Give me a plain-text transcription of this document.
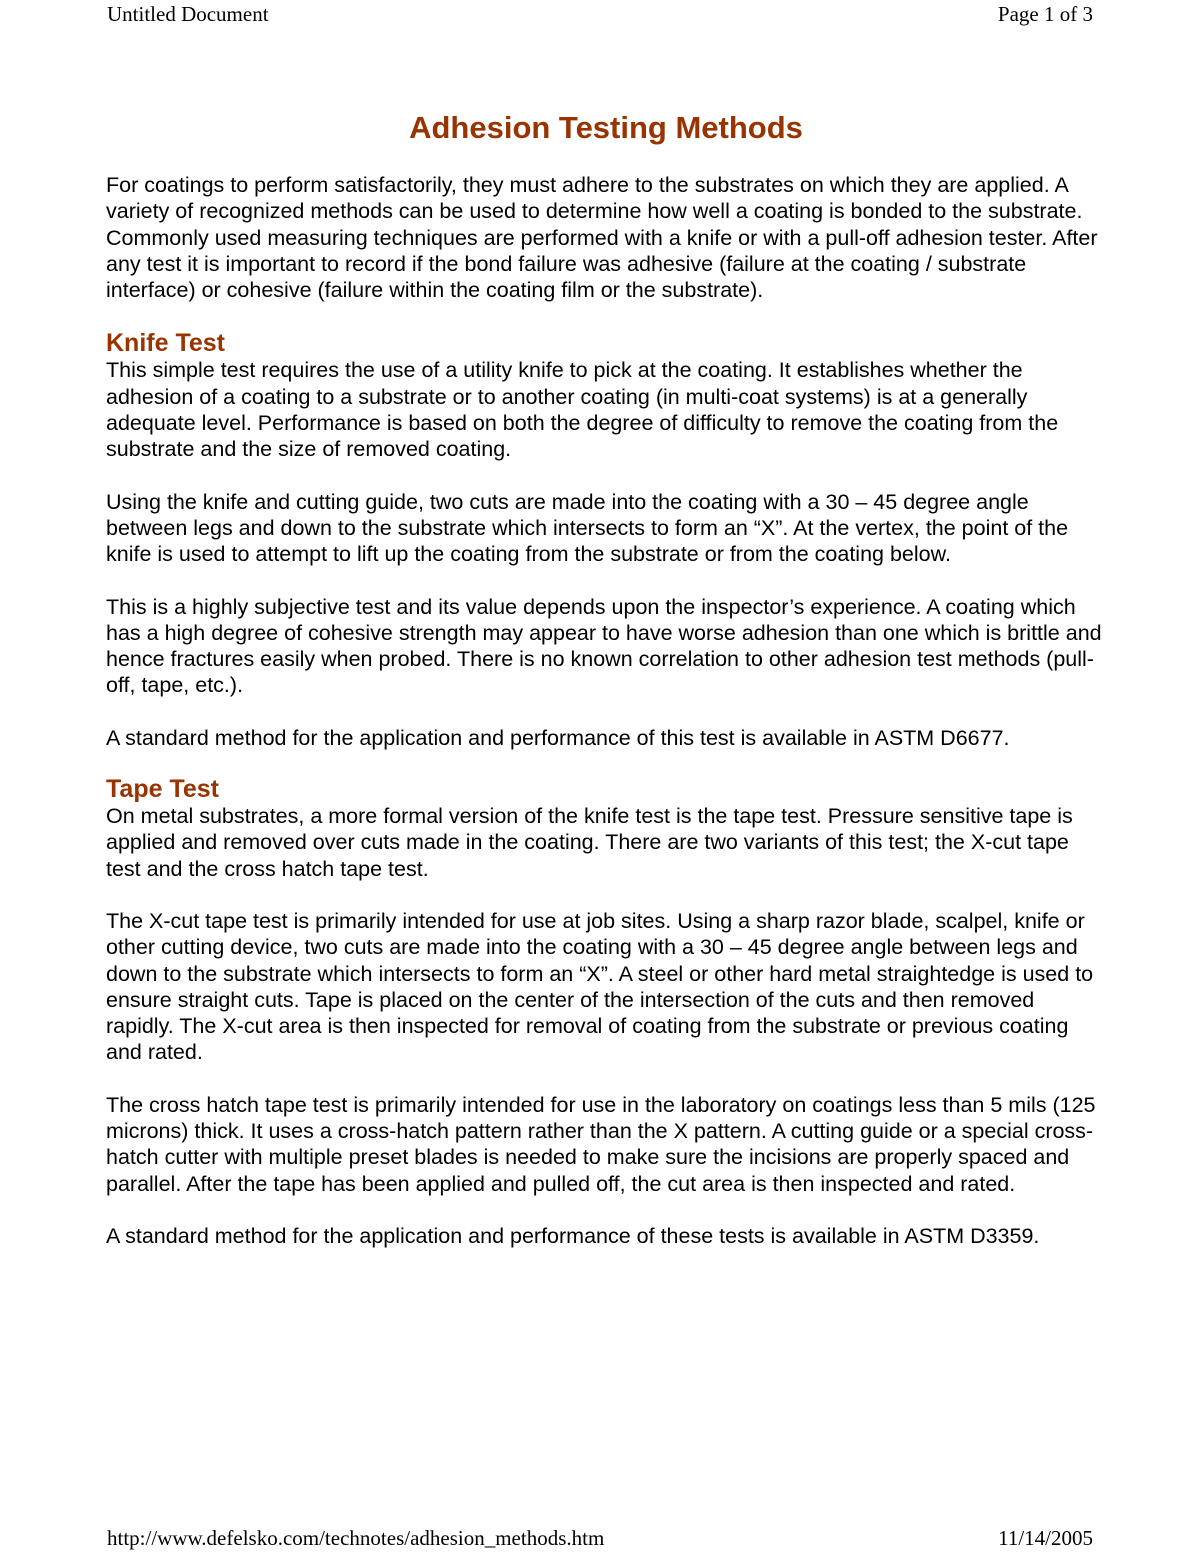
Untitled Document	Page 1 of 3
Adhesion Testing Methods

For coatings to perform satisfactorily, they must adhere to the substrates on which they are applied. A variety of recognized methods can be used to determine how well a coating is bonded to the substrate. Commonly used measuring techniques are performed with a knife or with a pull-off adhesion tester. After any test it is important to record if the bond failure was adhesive (failure at the coating / substrate interface) or cohesive (failure within the coating film or the substrate).

Knife Test

This simple test requires the use of a utility knife to pick at the coating. It establishes whether the adhesion of a coating to a substrate or to another coating (in multi-coat systems) is at a generally adequate level. Performance is based on both the degree of difficulty to remove the coating from the substrate and the size of removed coating.

Using the knife and cutting guide, two cuts are made into the coating with a 30 – 45 degree angle between legs and down to the substrate which intersects to form an “X”. At the vertex, the point of the knife is used to attempt to lift up the coating from the substrate or from the coating below.

This is a highly subjective test and its value depends upon the inspector’s experience. A coating which has a high degree of cohesive strength may appear to have worse adhesion than one which is brittle and hence fractures easily when probed. There is no known correlation to other adhesion test methods (pull-off, tape, etc.).

A standard method for the application and performance of this test is available in ASTM D6677.

Tape Test

On metal substrates, a more formal version of the knife test is the tape test. Pressure sensitive tape is applied and removed over cuts made in the coating. There are two variants of this test; the X-cut tape test and the cross hatch tape test.

The X-cut tape test is primarily intended for use at job sites. Using a sharp razor blade, scalpel, knife or other cutting device, two cuts are made into the coating with a 30 – 45 degree angle between legs and down to the substrate which intersects to form an “X”. A steel or other hard metal straightedge is used to ensure straight cuts. Tape is placed on the center of the intersection of the cuts and then removed rapidly. The X-cut area is then inspected for removal of coating from the substrate or previous coating and rated.

The cross hatch tape test is primarily intended for use in the laboratory on coatings less than 5 mils (125 microns) thick. It uses a cross-hatch pattern rather than the X pattern. A cutting guide or a special cross-hatch cutter with multiple preset blades is needed to make sure the incisions are properly spaced and parallel. After the tape has been applied and pulled off, the cut area is then inspected and rated.

A standard method for the application and performance of these tests is available in ASTM D3359.

http://www.defelsko.com/technotes/adhesion_methods.htm	11/14/2005
